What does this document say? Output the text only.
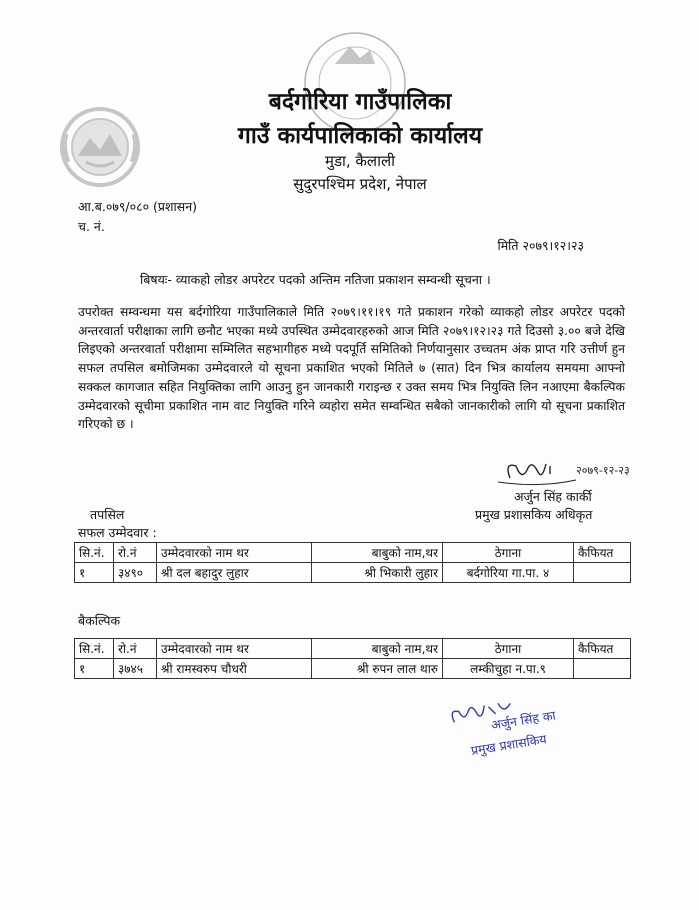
बर्दगोरिया गाउँपालिका
गाउँ कार्यपालिकाको कार्यालय
मुडा, कैलाली
सुदुरपश्चिम प्रदेश, नेपाल
आ.ब.०७९/०८० (प्रशासन)
च. नं.
मिति २०७९।१२।२३
बिषयः- व्याकहो लोडर अपरेटर पदको अन्तिम नतिजा प्रकाशन सम्वन्धी सूचना ।
उपरोक्त सम्वन्धमा यस बर्दगोरिया गाउँपालिकाले मिति २०७९।११।१९ गते प्रकाशन गरेको व्याकहो लोडर अपरेटर पदको अन्तरवार्ता परीक्षाका लागि छनौट भएका मध्ये उपस्थित उम्मेदवारहरुको आज मिति २०७९।१२।२३ गते दिउसो ३.०० बजे देखि लिइएको अन्तरवार्ता परीक्षामा सम्मिलित सहभागीहरु मध्ये पदपूर्ति समितिको निर्णयानुसार उच्चतम अंक प्राप्त गरि उत्तीर्ण हुन सफल तपसिल बमोजिमका उम्मेदवारले यो सूचना प्रकाशित भएको मितिले ७ (सात) दिन भित्र कार्यालय समयमा आफ्नो सक्कल कागजात सहित नियुक्तिका लागि आउनु हुन जानकारी गराइन्छ र उक्त समय भित्र नियुक्ति लिन नआएमा बैकल्पिक उम्मेदवारको सूचीमा प्रकाशित नाम वाट नियुक्ति गरिने व्यहोरा समेत सम्वन्धित सबैको जानकारीको लागि यो सूचना प्रकाशित गरिएको छ ।
२०७९-१२-२३
अर्जुन सिंह कार्की
प्रमुख प्रशासकिय अधिकृत
तपसिल
सफल उम्मेदवार :
सि.नं.	रो.नं	उम्मेदवारको नाम थर	बाबुको नाम,थर	ठेगाना	कैफियत
१	३४९०	श्री दल बहादुर लुहार	श्री भिकारी लुहार	बर्दगोरिया गा.पा. ४	
बैकल्पिक
सि.नं.	रो.नं	उम्मेदवारको नाम थर	बाबुको नाम,थर	ठेगाना	कैफियत
१	३७४५	श्री रामस्वरुप चौधरी	श्री रुपन लाल थारु	लम्कीचुहा न.पा.९	
अर्जुन सिंह का
प्रमुख प्रशासकिय
